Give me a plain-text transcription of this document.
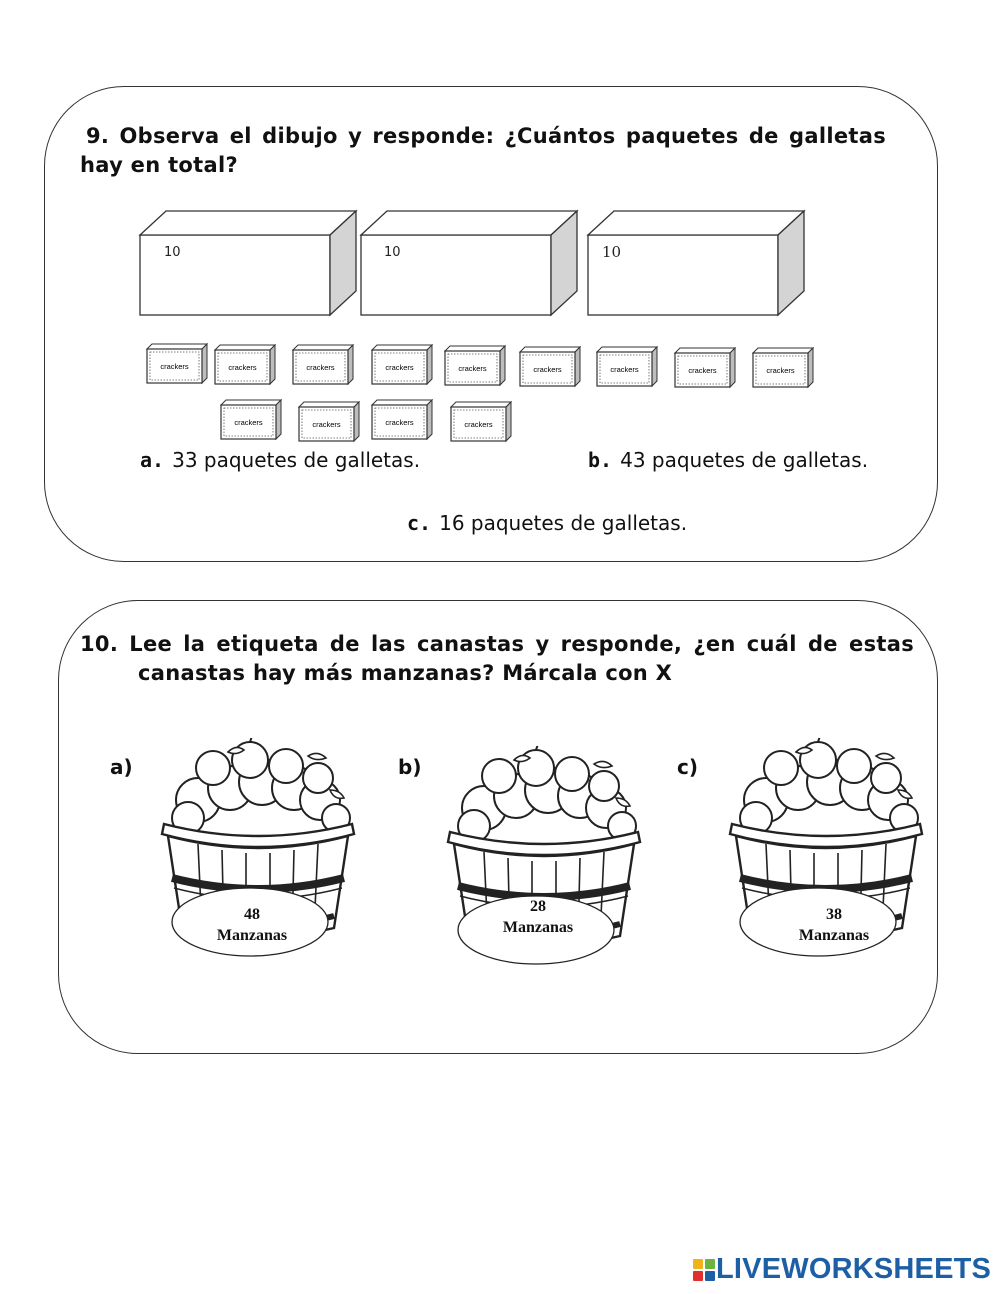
9. Observa el dibujo y responde: ¿Cuántos paquetes de galletas hay en total?
10	10	10
crackers	crackers	crackers	crackers	crackers	crackers	crackers	crackers	crackers
crackers	crackers	crackers	crackers
a. 33 paquetes de galletas.	b. 43 paquetes de galletas.
c. 16 paquetes de galletas.
10. Lee la etiqueta de las canastas y responde, ¿en cuál de estas
canastas hay más manzanas? Márcala con X
a)	b)	c)
48
Manzanas
28
Manzanas
38
Manzanas
LIVEWORKSHEETS
